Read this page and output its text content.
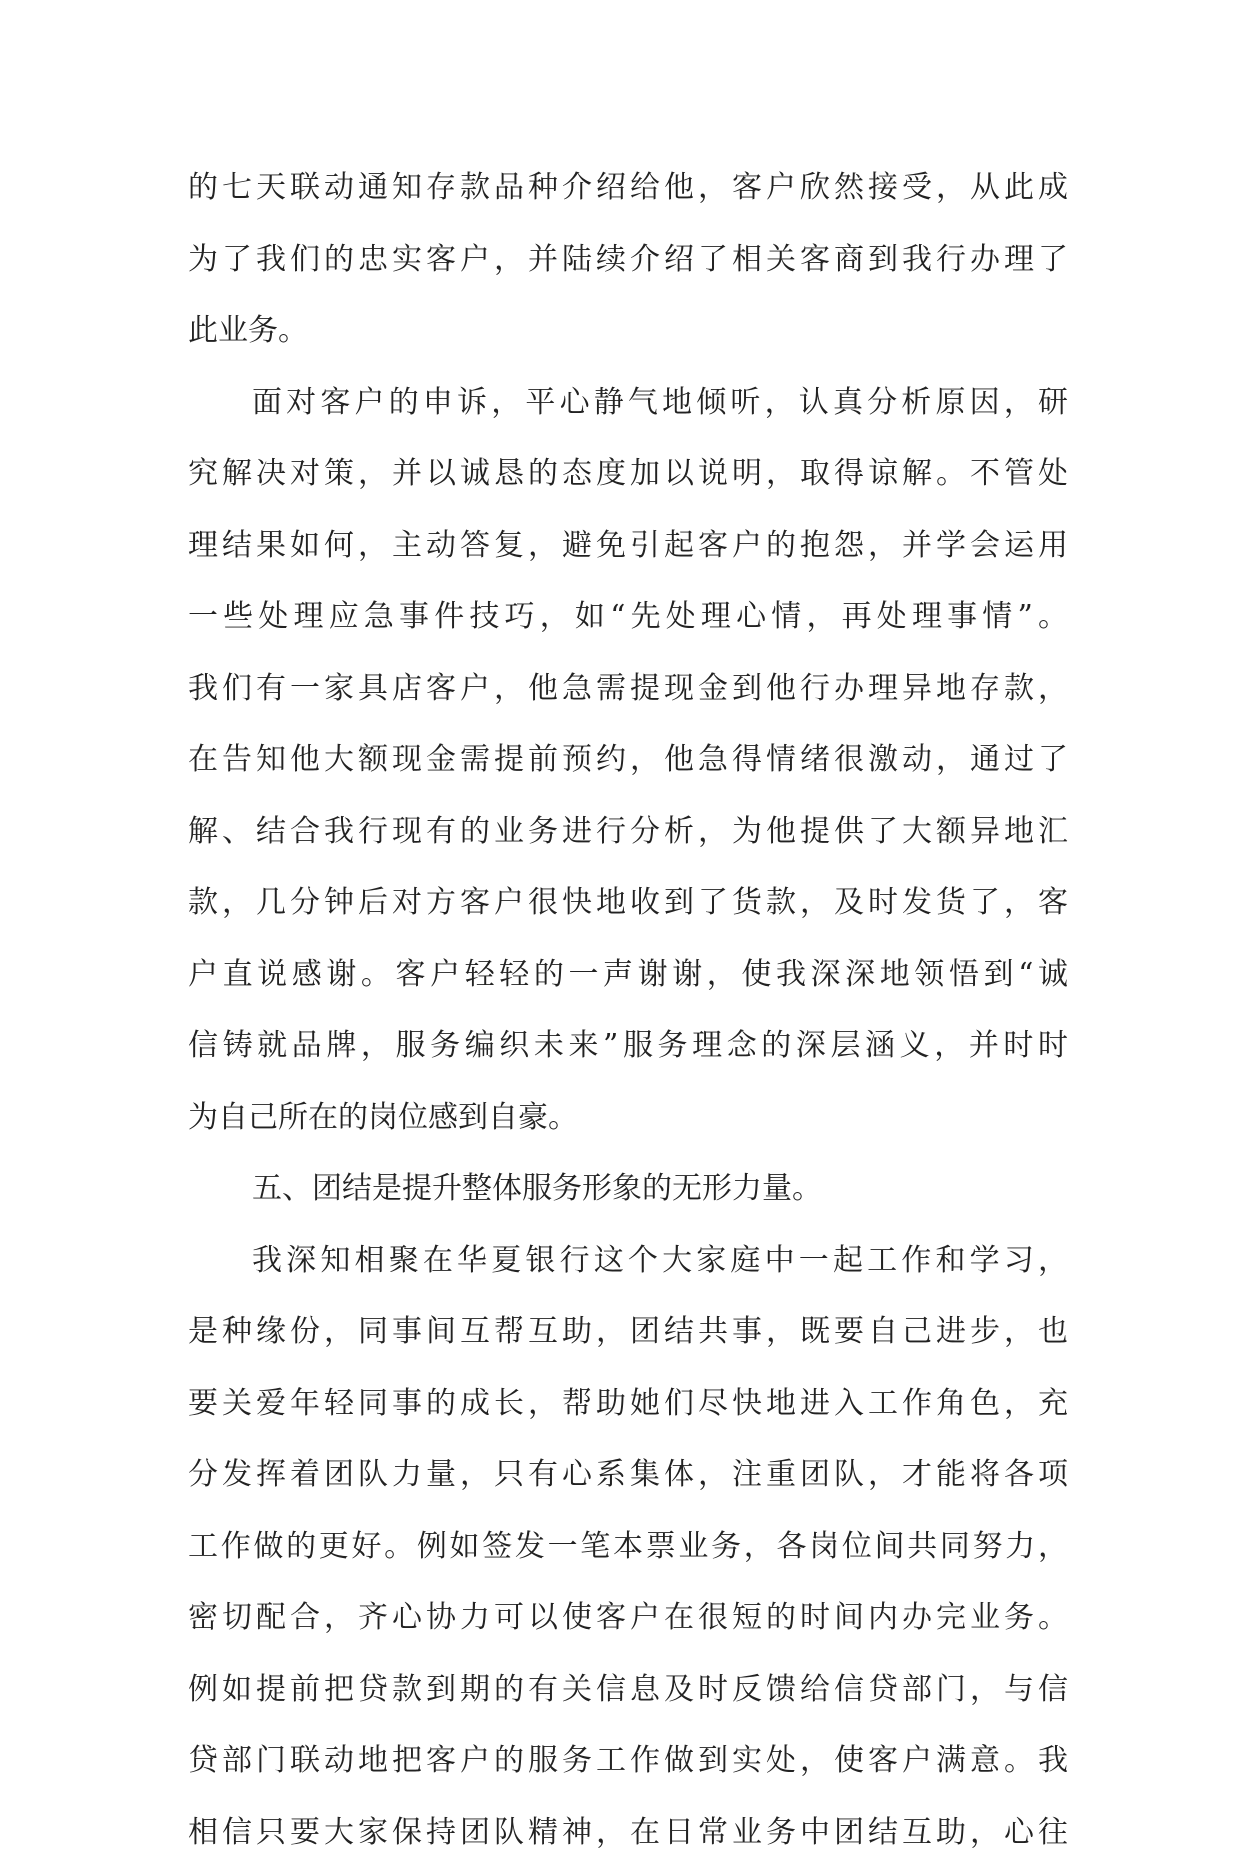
的七天联动通知存款品种介绍给他，客户欣然接受，从此成
为了我们的忠实客户，并陆续介绍了相关客商到我行办理了
此业务。
面对客户的申诉，平心静气地倾听，认真分析原因，研
究解决对策，并以诚恳的态度加以说明，取得谅解。不管处
理结果如何，主动答复，避免引起客户的抱怨，并学会运用
一些处理应急事件技巧，如“先处理心情，再处理事情”。
我们有一家具店客户，他急需提现金到他行办理异地存款，
在告知他大额现金需提前预约，他急得情绪很激动，通过了
解、结合我行现有的业务进行分析，为他提供了大额异地汇
款，几分钟后对方客户很快地收到了货款，及时发货了，客
户直说感谢。客户轻轻的一声谢谢，使我深深地领悟到“诚
信铸就品牌，服务编织未来”服务理念的深层涵义，并时时
为自己所在的岗位感到自豪。
五、团结是提升整体服务形象的无形力量。
我深知相聚在华夏银行这个大家庭中一起工作和学习，
是种缘份，同事间互帮互助，团结共事，既要自己进步，也
要关爱年轻同事的成长，帮助她们尽快地进入工作角色，充
分发挥着团队力量，只有心系集体，注重团队，才能将各项
工作做的更好。例如签发一笔本票业务，各岗位间共同努力，
密切配合，齐心协力可以使客户在很短的时间内办完业务。
例如提前把贷款到期的有关信息及时反馈给信贷部门，与信
贷部门联动地把客户的服务工作做到实处，使客户满意。我
相信只要大家保持团队精神，在日常业务中团结互助，心往
